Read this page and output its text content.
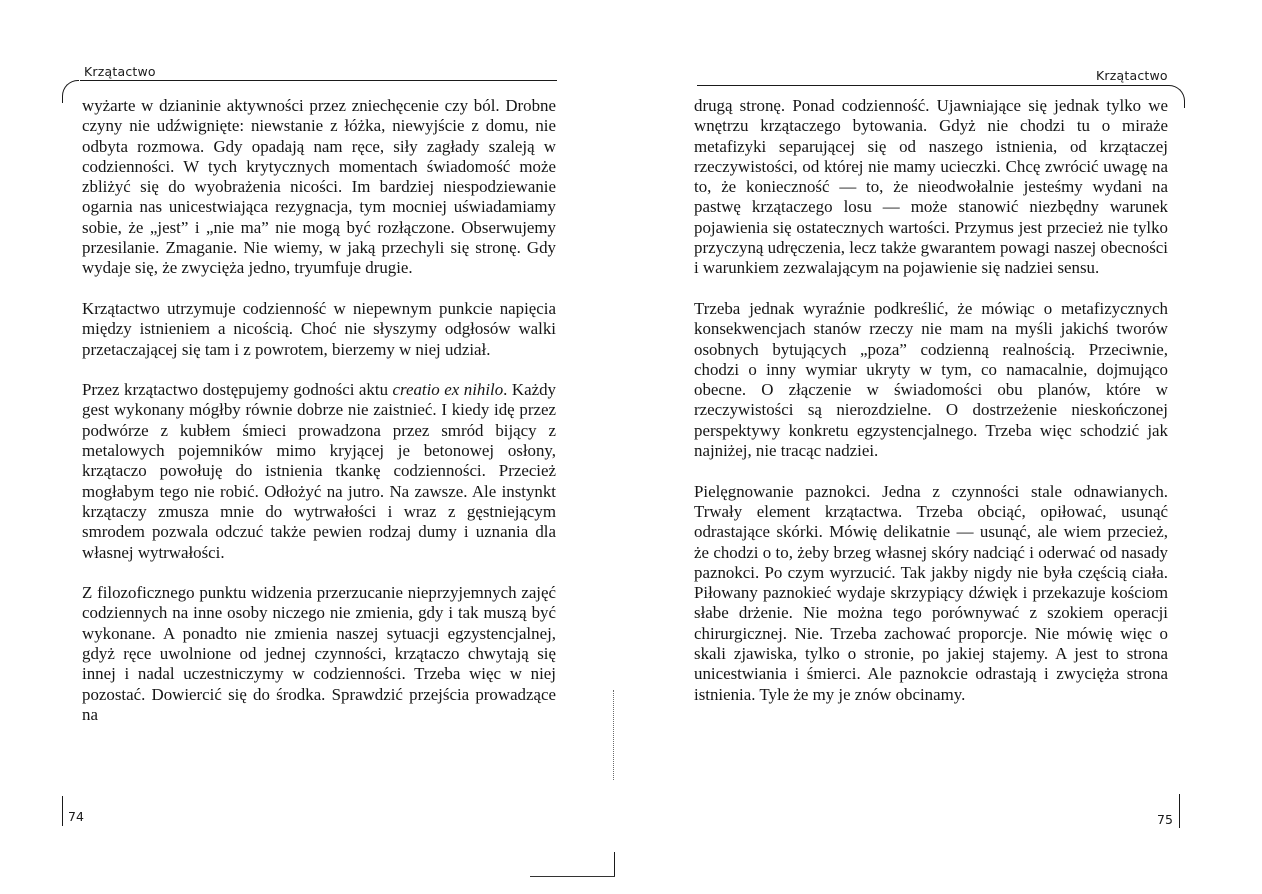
Krzątactwo

wyżarte w dzianinie aktywności przez zniechęcenie czy ból. Drobne czyny nie udźwignięte: niewstanie z łóżka, niewyjście z domu, nie odbyta rozmowa. Gdy opadają nam ręce, siły zagłady szaleją w codzienności. W tych krytycznych momentach świadomość może zbliżyć się do wyobrażenia nicości. Im bardziej niespodziewanie ogarnia nas unicestwiająca rezygnacja, tym mocniej uświadamiamy sobie, że „jest” i „nie ma” nie mogą być rozłączone. Obserwujemy przesilanie. Zmaganie. Nie wiemy, w jaką przechyli się stronę. Gdy wydaje się, że zwycięża jedno, tryumfuje drugie.

Krzątactwo utrzymuje codzienność w niepewnym punkcie napięcia między istnieniem a nicością. Choć nie słyszymy odgłosów walki przetaczającej się tam i z powrotem, bierzemy w niej udział.

Przez krzątactwo dostępujemy godności aktu creatio ex nihilo. Każdy gest wykonany mógłby równie dobrze nie zaistnieć. I kiedy idę przez podwórze z kubłem śmieci prowadzona przez smród bijący z metalowych pojemników mimo kryjącej je betonowej osłony, krzątaczo powołuję do istnienia tkankę codzienności. Przecież mogłabym tego nie robić. Odłożyć na jutro. Na zawsze. Ale instynkt krzątaczy zmusza mnie do wytrwałości i wraz z gęstniejącym smrodem pozwala odczuć także pewien rodzaj dumy i uznania dla własnej wytrwałości.

Z filozoficznego punktu widzenia przerzucanie nieprzyjemnych zajęć codziennych na inne osoby niczego nie zmienia, gdy i tak muszą być wykonane. A ponadto nie zmienia naszej sytuacji egzystencjalnej, gdyż ręce uwolnione od jednej czynności, krzątaczo chwytają się innej i nadal uczestniczymy w codzienności. Trzeba więc w niej pozostać. Dowiercić się do środka. Sprawdzić przejścia prowadzące na

74
Krzątactwo

drugą stronę. Ponad codzienność. Ujawniające się jednak tylko we wnętrzu krzątaczego bytowania. Gdyż nie chodzi tu o miraże metafizyki separującej się od naszego istnienia, od krzątaczej rzeczywistości, od której nie mamy ucieczki. Chcę zwrócić uwagę na to, że konieczność — to, że nieodwołalnie jesteśmy wydani na pastwę krzątaczego losu — może stanowić niezbędny warunek pojawienia się ostatecznych wartości. Przymus jest przecież nie tylko przyczyną udręczenia, lecz także gwarantem powagi naszej obecności i warunkiem zezwalającym na pojawienie się nadziei sensu.

Trzeba jednak wyraźnie podkreślić, że mówiąc o metafizycznych konsekwencjach stanów rzeczy nie mam na myśli jakichś tworów osobnych bytujących „poza” codzienną realnością. Przeciwnie, chodzi o inny wymiar ukryty w tym, co namacalnie, dojmująco obecne. O złączenie w świadomości obu planów, które w rzeczywistości są nierozdzielne. O dostrzeżenie nieskończonej perspektywy konkretu egzystencjalnego. Trzeba więc schodzić jak najniżej, nie tracąc nadziei.

Pielęgnowanie paznokci. Jedna z czynności stale odnawianych. Trwały element krzątactwa. Trzeba obciąć, opiłować, usunąć odrastające skórki. Mówię delikatnie — usunąć, ale wiem przecież, że chodzi o to, żeby brzeg własnej skóry nadciąć i oderwać od nasady paznokci. Po czym wyrzucić. Tak jakby nigdy nie była częścią ciała. Piłowany paznokieć wydaje skrzypiący dźwięk i przekazuje kościom słabe drżenie. Nie można tego porównywać z szokiem operacji chirurgicznej. Nie. Trzeba zachować proporcje. Nie mówię więc o skali zjawiska, tylko o stronie, po jakiej stajemy. A jest to strona unicestwiania i śmierci. Ale paznokcie odrastają i zwycięża strona istnienia. Tyle że my je znów obcinamy.

75
